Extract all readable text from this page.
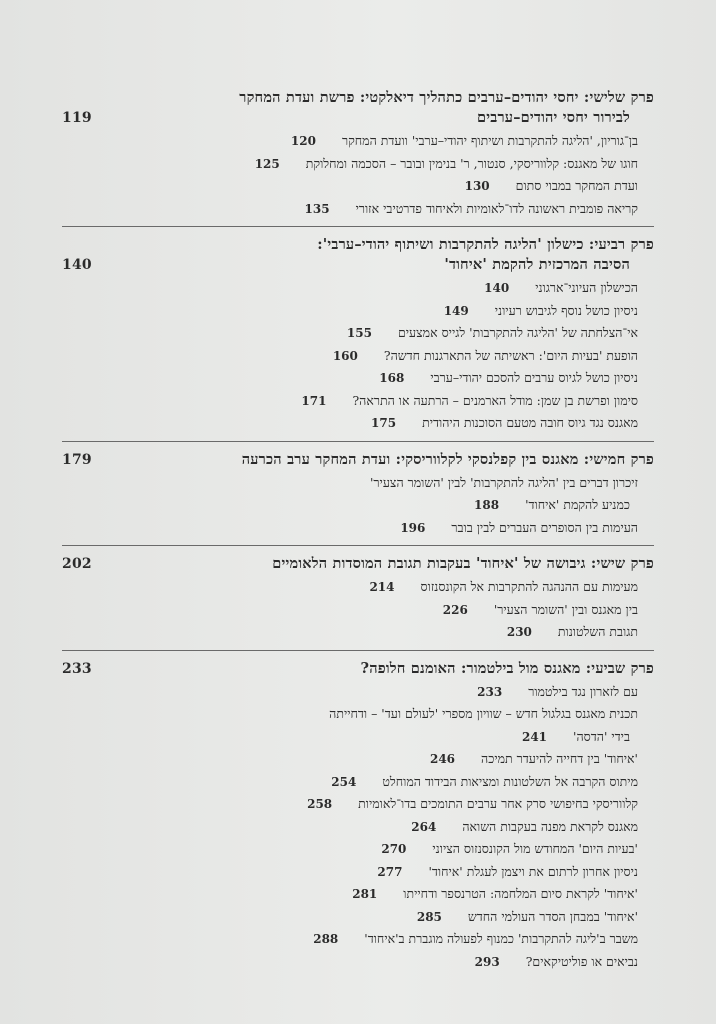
פרק שלישי: יחסי יהודים–ערבים כתהליך דיאלקטי: פרשת ועדת המחקר
לבירור יחסי יהודים–ערבים
119
בן־גוריון, 'הליגה להתקרבות ושיתוף יהודי–ערבי' וועדת המחקר120
חוגו של מאגנס: קלווריסקי, סנטור, ר' בנימין ובובר – הסכמה ומחלוקת125
ועדת המחקר במבוי סתום130
קריאה פומבית ראשונה לדו־לאומיות ולאיחוד פדרטיבי אזורי135
פרק רביעי: כישלון 'הליגה להתקרבות ושיתוף יהודי–ערבי':
הסיבה המרכזית להקמת 'איחוד'
140
הכישלון העיוני־ארגוני140
ניסיון כושל נוסף לגיבוש רעיוני149
אי־הצלחתה של 'הליגה להתקרבות' לגייס אמצעים155
הופעת 'בעיות היום': ראשיתה של התארגנות חדשה?160
ניסיון כושל לגיוס ערבים להסכם יהודי–ערבי168
סימון ופרשת בן שמן: מודל הארמנים – הרתעה או התראה?171
מאגנס נגד גיוס חובה מטעם הסוכנות היהודית175
פרק חמישי: מאגנס בין קפלנסקי לקלווריסקי: ועדת המחקר ערב הכרעה
179
זיכרון דברים בין 'הליגה להתקרבות' לבין 'השומר הצעיר'
כמניע להקמת 'איחוד'188
העימות בין הסופרים העברים לבין בובר196
פרק שישי: גיבושה של 'איחוד' בעקבות תגובת המוסדות הלאומיים
202
מעימות עם ההנהגה להתקרבות אל הקונסנזוס214
בין מאגנס ובין 'השומר הצעיר'226
תגובת השלטונות230
פרק שביעי: מאגנס מול בילטמור: האומנם חלופה?
233
עם לזארון נגד בילטמור233
תכנית מאגנס בגלגול חדש – שוויון מספרי 'לעולם ועד' – ודחייתה
בידי 'הדסה'241
'איחוד' בין דחייה להיעדר תמיכה246
מיתוס הקרבה אל השלטונות ומציאות הבידוד המוחלט254
קלווריסקי בחיפושי סרק אחר ערבים התומכים בדו־לאומיות258
מאגנס לקראת מפנה בעקבות השואה264
'בעיות היום' המחודש מול הקונסנזוס הציוני270
ניסיון אחרון לרתום את ויצמן לעגלת 'איחוד'277
'איחוד' לקראת סיום המלחמה: הטרנספר ודחייתו281
'איחוד' במבחן הסדר העולמי החדש285
משבר ב'ליגה להתקרבות' כמנוף לפעולה מוגברת ב'איחוד'288
נביאים או פוליטיקאים?293
